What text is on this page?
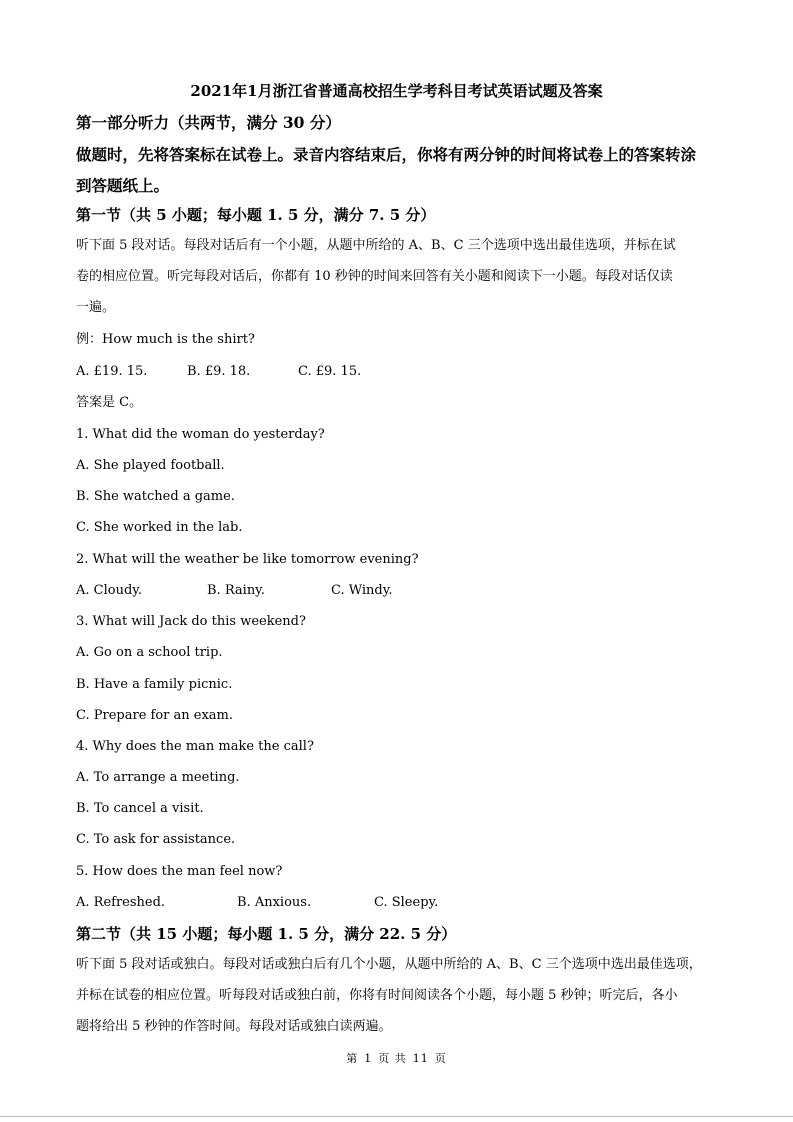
2021年1月浙江省普通高校招生学考科目考试英语试题及答案
第一部分听力（共两节，满分 30 分）
做题时，先将答案标在试卷上。录音内容结束后，你将有两分钟的时间将试卷上的答案转涂
到答题纸上。
第一节（共 5 小题；每小题 1. 5 分，满分 7. 5 分）
听下面 5 段对话。每段对话后有一个小题，从题中所给的 A、B、C 三个选项中选出最佳选项，并标在试
卷的相应位置。听完每段对话后，你都有 10 秒钟的时间来回答有关小题和阅读下一小题。每段对话仅读
一遍。
例：How much is the shirt?
A. £19. 15.	B. £9. 18.	C. £9. 15.
答案是 C。
1. What did the woman do yesterday?
A. She played football.
B. She watched a game.
C. She worked in the lab.
2. What will the weather be like tomorrow evening?
A. Cloudy.	B. Rainy.	C. Windy.
3. What will Jack do this weekend?
A. Go on a school trip.
B. Have a family picnic.
C. Prepare for an exam.
4. Why does the man make the call?
A. To arrange a meeting.
B. To cancel a visit.
C. To ask for assistance.
5. How does the man feel now?
A. Refreshed.	B. Anxious.	C. Sleepy.
第二节（共 15 小题；每小题 1. 5 分，满分 22. 5 分）
听下面 5 段对话或独白。每段对话或独白后有几个小题，从题中所给的 A、B、C 三个选项中选出最佳选项，
并标在试卷的相应位置。听每段对话或独白前，你将有时间阅读各个小题，每小题 5 秒钟；听完后，各小
题将给出 5 秒钟的作答时间。每段对话或独白读两遍。
第 1 页 共 11 页
